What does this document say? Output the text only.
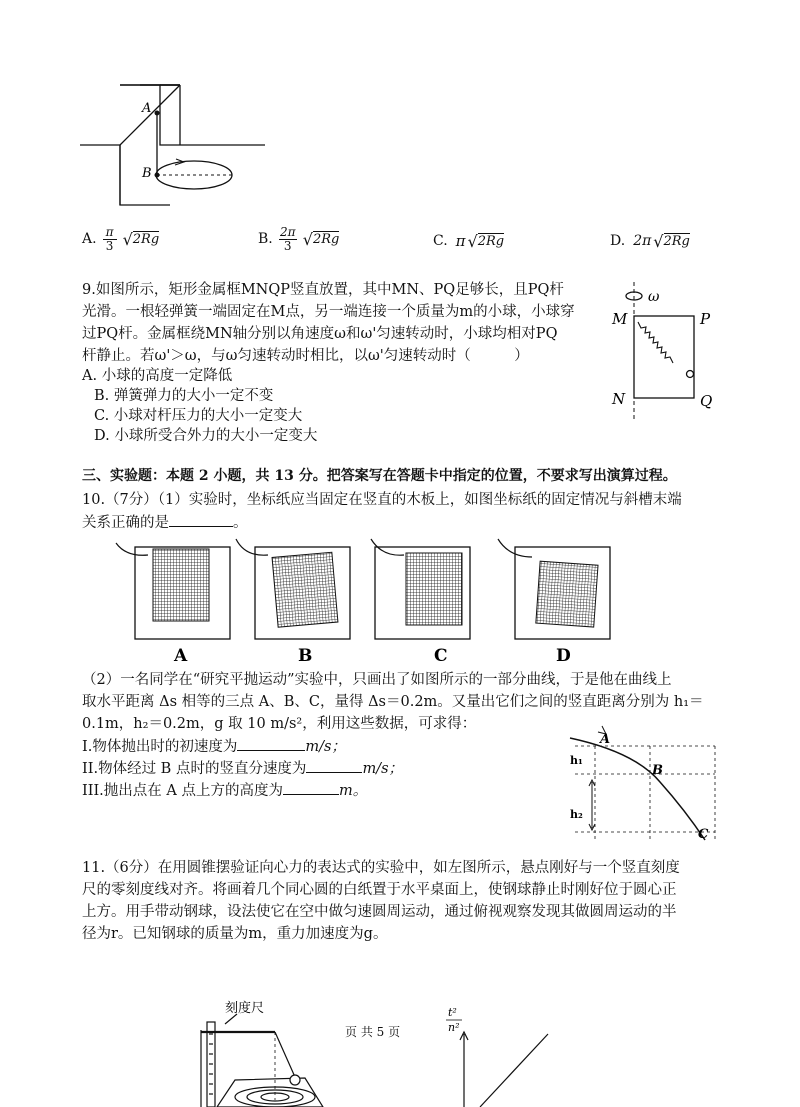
A
B
A. π
3 √ 2Rg	B. 2π
3 √ 2Rg	C. π √ 2Rg	D. 2π √ 2Rg
9.如图所示，矩形金属框MNQP竖直放置，其中MN、PQ足够长，且PQ杆
光滑。一根轻弹簧一端固定在M点，另一端连接一个质量为m的小球，小球穿
过PQ杆。金属框绕MN轴分别以角速度ω和ω'匀速转动时，小球均相对PQ
杆静止。若ω'＞ω，与ω匀速转动时相比，以ω'匀速转动时（　　　）
A. 小球的高度一定降低
B. 弹簧弹力的大小一定不变
C. 小球对杆压力的大小一定变大
D. 小球所受合外力的大小一定变大
ω
M	P
N	Q
三、实验题：本题 2 小题，共 13 分。把答案写在答题卡中指定的位置，不要求写出演算过程。
10.（7分）（1）实验时，坐标纸应当固定在竖直的木板上，如图坐标纸的固定情况与斜槽末端
关系正确的是	。
A	B	C	D
（2）一名同学在“研究平抛运动”实验中，只画出了如图所示的一部分曲线，于是他在曲线上
取水平距离 Δs 相等的三点 A、B、C，量得 Δs＝0.2m。又量出它们之间的竖直距离分别为 h₁＝
0.1m，h₂＝0.2m，g 取 10 m/s²，利用这些数据，可求得：
I.物体抛出时的初速度为	m/s；
II.物体经过 B 点时的竖直分速度为	m/s；
III.抛出点在 A 点上方的高度为	m。
A
B
C
h₁
h₂
11.（6分）在用圆锥摆验证向心力的表达式的实验中，如左图所示，悬点刚好与一个竖直刻度
尺的零刻度线对齐。将画着几个同心圆的白纸置于水平桌面上，使钢球静止时刚好位于圆心正
上方。用手带动钢球，设法使它在空中做匀速圆周运动，通过俯视观察发现其做圆周运动的半
径为r。已知钢球的质量为m，重力加速度为g。
刻度尺	t²
n²
页 共 5 页
